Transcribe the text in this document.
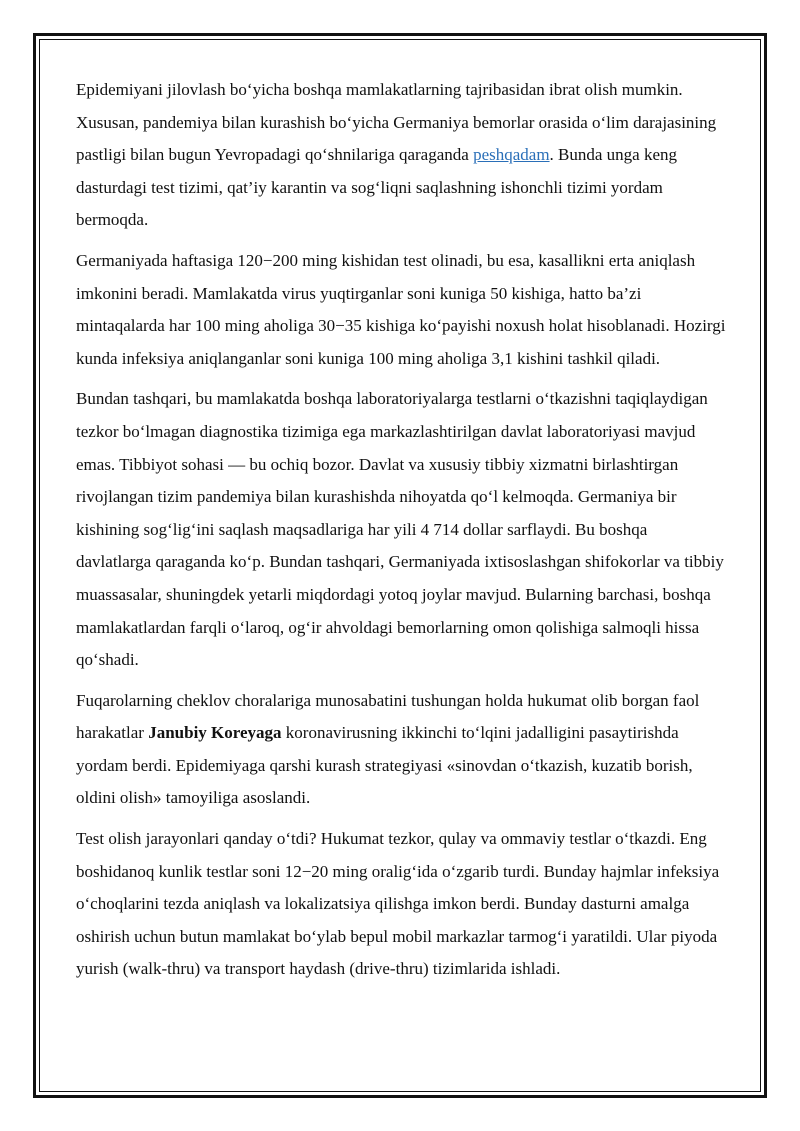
Epidemiyani jilovlash bo‘yicha boshqa mamlakatlarning tajribasidan ibrat olish mumkin. Xususan, pandemiya bilan kurashish bo‘yicha Germaniya bemorlar orasida o‘lim darajasining pastligi bilan bugun Yevropadagi qo‘shnilariga qaraganda peshqadam. Bunda unga keng dasturdagi test tizimi, qat’iy karantin va sog‘liqni saqlashning ishonchli tizimi yordam bermoqda.

Germaniyada haftasiga 120−200 ming kishidan test olinadi, bu esa, kasallikni erta aniqlash imkonini beradi. Mamlakatda virus yuqtirganlar soni kuniga 50 kishiga, hatto ba’zi mintaqalarda har 100 ming aholiga 30−35 kishiga ko‘payishi noxush holat hisoblanadi. Hozirgi kunda infeksiya aniqlanganlar soni kuniga 100 ming aholiga 3,1 kishini tashkil qiladi.

Bundan tashqari, bu mamlakatda boshqa laboratoriyalarga testlarni o‘tkazishni taqiqlaydigan tezkor bo‘lmagan diagnostika tizimiga ega markazlashtirilgan davlat laboratoriyasi mavjud emas. Tibbiyot sohasi — bu ochiq bozor. Davlat va xususiy tibbiy xizmatni birlashtirgan rivojlangan tizim pandemiya bilan kurashishda nihoyatda qo‘l kelmoqda. Germaniya bir kishining sog‘lig‘ini saqlash maqsadlariga har yili 4 714 dollar sarflaydi. Bu boshqa davlatlarga qaraganda ko‘p. Bundan tashqari, Germaniyada ixtisoslashgan shifokorlar va tibbiy muassasalar, shuningdek yetarli miqdordagi yotoq joylar mavjud. Bularning barchasi, boshqa mamlakatlardan farqli o‘laroq, og‘ir ahvoldagi bemorlarning omon qolishiga salmoqli hissa qo‘shadi.

Fuqarolarning cheklov choralariga munosabatini tushungan holda hukumat olib borgan faol harakatlar Janubiy Koreyaga koronavirusning ikkinchi to‘lqini jadalligini pasaytirishda yordam berdi. Epidemiyaga qarshi kurash strategiyasi «sinovdan o‘tkazish, kuzatib borish, oldini olish» tamoyiliga asoslandi.

Test olish jarayonlari qanday o‘tdi? Hukumat tezkor, qulay va ommaviy testlar o‘tkazdi. Eng boshidanoq kunlik testlar soni 12−20 ming oralig‘ida o‘zgarib turdi. Bunday hajmlar infeksiya o‘choqlarini tezda aniqlash va lokalizatsiya qilishga imkon berdi. Bunday dasturni amalga oshirish uchun butun mamlakat bo‘ylab bepul mobil markazlar tarmog‘i yaratildi. Ular piyoda yurish (walk-thru) va transport haydash (drive-thru) tizimlarida ishladi.
